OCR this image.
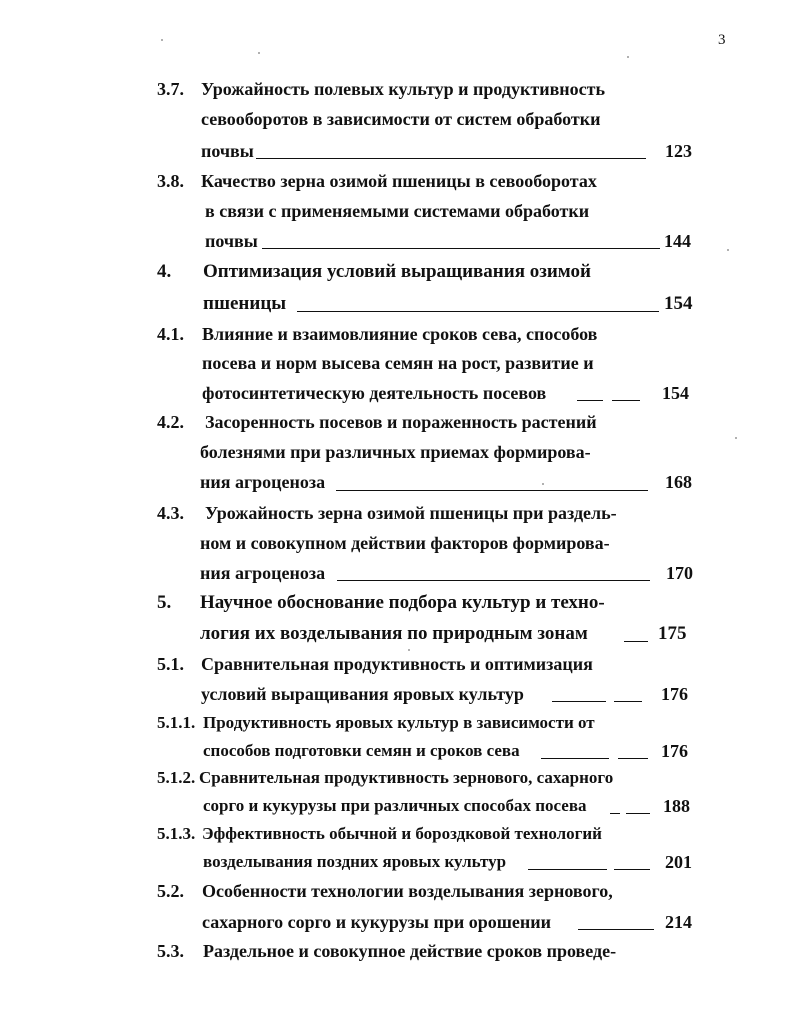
3
3.7. Урожайность полевых культур и продуктивность
севооборотов в зависимости от систем обработки
почвы	123
3.8. Качество зерна озимой пшеницы в севооборотах
в связи с применяемыми системами обработки
почвы	144
4. Оптимизация условий выращивания озимой
пшеницы	154
4.1. Влияние и взаимовлияние сроков сева, способов
посева и норм высева семян на рост, развитие и
фотосинтетическую деятельность посевов	154
4.2. Засоренность посевов и пораженность растений
болезнями при различных приемах формирова-
ния агроценоза	168
4.3. Урожайность зерна озимой пшеницы при раздель-
ном и совокупном действии факторов формирова-
ния агроценоза	170
5. Научное обоснование подбора культур и техно-
логия их возделывания по природным зонам	175
5.1. Сравнительная продуктивность и оптимизация
условий выращивания яровых культур	176
5.1.1. Продуктивность яровых культур в зависимости от
способов подготовки семян и сроков сева	176
5.1.2. Сравнительная продуктивность зернового, сахарного
сорго и кукурузы при различных способах посева	188
5.1.3. Эффективность обычной и бороздковой технологий
возделывания поздних яровых культур	201
5.2. Особенности технологии возделывания зернового,
сахарного сорго и кукурузы при орошении	214
5.3. Раздельное и совокупное действие сроков проведе-
